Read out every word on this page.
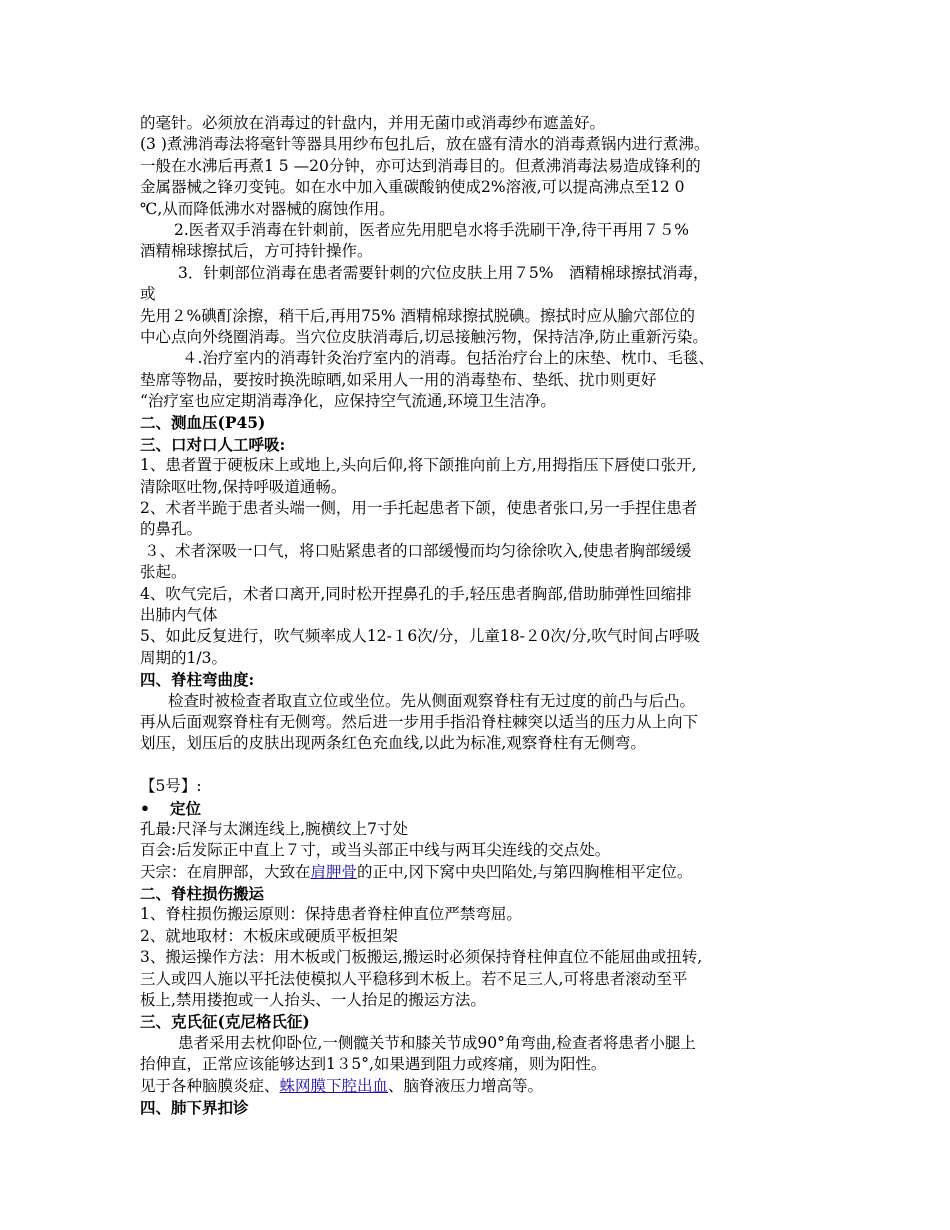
的毫针。必须放在消毒过的针盘内，并用无菌巾或消毒纱布遮盖好。
(3 )煮沸消毒法将毫针等器具用纱布包扎后，放在盛有清水的消毒煮锅内进行煮沸。
一般在水沸后再煮1 5 —20分钟，亦可达到消毒目的。但煮沸消毒法易造成锋利的
金属器械之锋刃变钝。如在水中加入重碳酸钠使成2%溶液,可以提高沸点至12 0
℃,从而降低沸水对器械的腐蚀作用。
2.医者双手消毒在针刺前，医者应先用肥皂水将手洗刷干净,待干再用７５%
酒精棉球擦拭后，方可持针操作。
3．针刺部位消毒在患者需要针刺的穴位皮肤上用７5%　酒精棉球擦拭消毒，
或
先用２%碘酊涂擦，稍干后,再用75% 酒精棉球擦拭脱碘。擦拭时应从腧穴部位的
中心点向外绕圈消毒。当穴位皮肤消毒后,切忌接触污物，保持洁净,防止重新污染。
４.治疗室内的消毒针灸治疗室内的消毒。包括治疗台上的床垫、枕巾、毛毯、
垫席等物品，要按时换洗晾晒,如采用人一用的消毒垫布、垫纸、扰巾则更好
“治疗室也应定期消毒净化，应保持空气流通,环境卫生洁净。
二、测血压(P45)
三、口对口人工呼吸:
1、患者置于硬板床上或地上,头向后仰,将下颌推向前上方,用拇指压下唇使口张开,
清除呕吐物,保持呼吸道通畅。
2、术者半跪于患者头端一侧，用一手托起患者下颌，使患者张口,另一手捏住患者
的鼻孔。
３、术者深吸一口气，将口贴紧患者的口部缓慢而均匀徐徐吹入,使患者胸部缓缓
张起。
4、吹气完后，术者口离开,同时松开捏鼻孔的手,轻压患者胸部,借助肺弹性回缩排
出肺内气体
5、如此反复进行，吹气频率成人12-１6次/分，儿童18-２0次/分,吹气时间占呼吸
周期的1/3。
四、脊柱弯曲度:
检查时被检查者取直立位或坐位。先从侧面观察脊柱有无过度的前凸与后凸。
再从后面观察脊柱有无侧弯。然后进一步用手指沿脊柱棘突以适当的压力从上向下
划压，划压后的皮肤出现两条红色充血线,以此为标准,观察脊柱有无侧弯。
【5号】:
• 定位
孔最:尺泽与太渊连线上,腕横纹上7寸处
百会:后发际正中直上７寸，或当头部正中线与两耳尖连线的交点处。
天宗：在肩胛部，大致在肩胛骨的正中,冈下窝中央凹陷处,与第四胸椎相平定位。
二、脊柱损伤搬运
1、脊柱损伤搬运原则：保持患者脊柱伸直位严禁弯屈。
2、就地取材：木板床或硬质平板担架
3、搬运操作方法：用木板或门板搬运,搬运时必须保持脊柱伸直位不能屈曲或扭转,
三人或四人施以平托法使模拟人平稳移到木板上。若不足三人,可将患者滚动至平
板上,禁用搂抱或一人抬头、一人抬足的搬运方法。
三、克氏征(克尼格氏征)
患者采用去枕仰卧位,一侧髋关节和膝关节成90°角弯曲,检查者将患者小腿上
抬伸直，正常应该能够达到1３5°,如果遇到阻力或疼痛，则为阳性。
见于各种脑膜炎症、蛛网膜下腔出血、脑脊液压力增高等。
四、肺下界扣诊
